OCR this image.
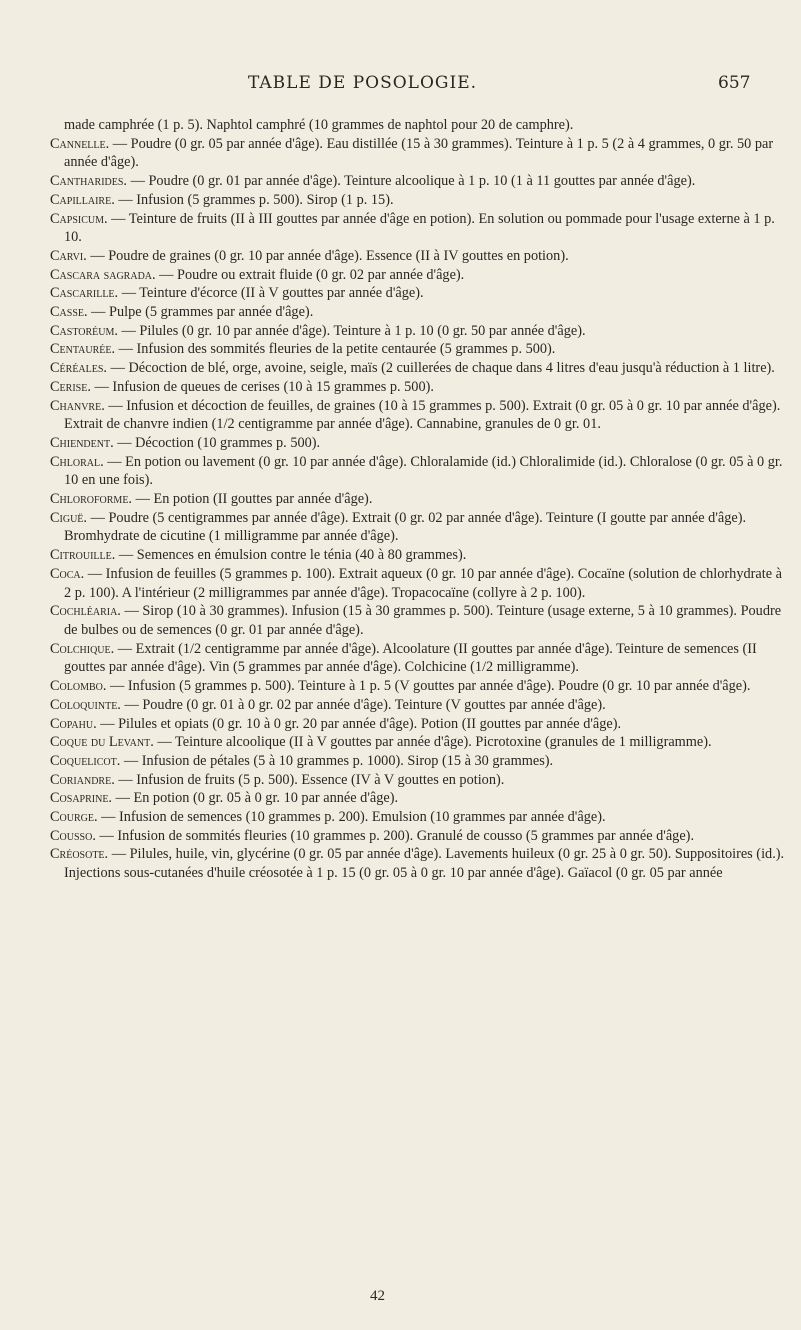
TABLE DE POSOLOGIE.	657

made camphrée (1 p. 5). Naphtol camphré (10 grammes de naphtol pour 20 de camphre).

Cannelle. — Poudre (0 gr. 05 par année d'âge). Eau distillée (15 à 30 grammes). Teinture à 1 p. 5 (2 à 4 grammes, 0 gr. 50 par année d'âge).

Cantharides. — Poudre (0 gr. 01 par année d'âge). Teinture alcoolique à 1 p. 10 (1 à 11 gouttes par année d'âge).

Capillaire. — Infusion (5 grammes p. 500). Sirop (1 p. 15).

Capsicum. — Teinture de fruits (II à III gouttes par année d'âge en potion). En solution ou pommade pour l'usage externe à 1 p. 10.

Carvi. — Poudre de graines (0 gr. 10 par année d'âge). Essence (II à IV gouttes en potion).

Cascara sagrada. — Poudre ou extrait fluide (0 gr. 02 par année d'âge).

Cascarille. — Teinture d'écorce (II à V gouttes par année d'âge).

Casse. — Pulpe (5 grammes par année d'âge).

Castoréum. — Pilules (0 gr. 10 par année d'âge). Teinture à 1 p. 10 (0 gr. 50 par année d'âge).

Centaurée. — Infusion des sommités fleuries de la petite centaurée (5 grammes p. 500).

Céréales. — Décoction de blé, orge, avoine, seigle, maïs (2 cuillerées de chaque dans 4 litres d'eau jusqu'à réduction à 1 litre).

Cerise. — Infusion de queues de cerises (10 à 15 grammes p. 500).

Chanvre. — Infusion et décoction de feuilles, de graines (10 à 15 grammes p. 500). Extrait (0 gr. 05 à 0 gr. 10 par année d'âge). Extrait de chanvre indien (1/2 centigramme par année d'âge). Cannabine, granules de 0 gr. 01.

Chiendent. — Décoction (10 grammes p. 500).

Chloral. — En potion ou lavement (0 gr. 10 par année d'âge). Chloralamide (id.) Chloralimide (id.). Chloralose (0 gr. 05 à 0 gr. 10 en une fois).

Chloroforme. — En potion (II gouttes par année d'âge).

Ciguë. — Poudre (5 centigrammes par année d'âge). Extrait (0 gr. 02 par année d'âge). Teinture (I goutte par année d'âge). Bromhydrate de cicutine (1 milligramme par année d'âge).

Citrouille. — Semences en émulsion contre le ténia (40 à 80 grammes).

Coca. — Infusion de feuilles (5 grammes p. 100). Extrait aqueux (0 gr. 10 par année d'âge). Cocaïne (solution de chlorhydrate à 2 p. 100). A l'intérieur (2 milligrammes par année d'âge). Tropacocaïne (collyre à 2 p. 100).

Cochléaria. — Sirop (10 à 30 grammes). Infusion (15 à 30 grammes p. 500). Teinture (usage externe, 5 à 10 grammes). Poudre de bulbes ou de semences (0 gr. 01 par année d'âge).

Colchique. — Extrait (1/2 centigramme par année d'âge). Alcoolature (II gouttes par année d'âge). Teinture de semences (II gouttes par année d'âge). Vin (5 grammes par année d'âge). Colchicine (1/2 milligramme).

Colombo. — Infusion (5 grammes p. 500). Teinture à 1 p. 5 (V gouttes par année d'âge). Poudre (0 gr. 10 par année d'âge).

Coloquinte. — Poudre (0 gr. 01 à 0 gr. 02 par année d'âge). Teinture (V gouttes par année d'âge).

Copahu. — Pilules et opiats (0 gr. 10 à 0 gr. 20 par année d'âge). Potion (II gouttes par année d'âge).

Coque du Levant. — Teinture alcoolique (II à V gouttes par année d'âge). Picrotoxine (granules de 1 milligramme).

Coquelicot. — Infusion de pétales (5 à 10 grammes p. 1000). Sirop (15 à 30 grammes).

Coriandre. — Infusion de fruits (5 p. 500). Essence (IV à V gouttes en potion).

Cosaprine. — En potion (0 gr. 05 à 0 gr. 10 par année d'âge).

Courge. — Infusion de semences (10 grammes p. 200). Emulsion (10 grammes par année d'âge).

Cousso. — Infusion de sommités fleuries (10 grammes p. 200). Granulé de cousso (5 grammes par année d'âge).

Créosote. — Pilules, huile, vin, glycérine (0 gr. 05 par année d'âge). Lavements huileux (0 gr. 25 à 0 gr. 50). Suppositoires (id.). Injections sous-cutanées d'huile créosotée à 1 p. 15 (0 gr. 05 à 0 gr. 10 par année d'âge). Gaïacol (0 gr. 05 par année

42
